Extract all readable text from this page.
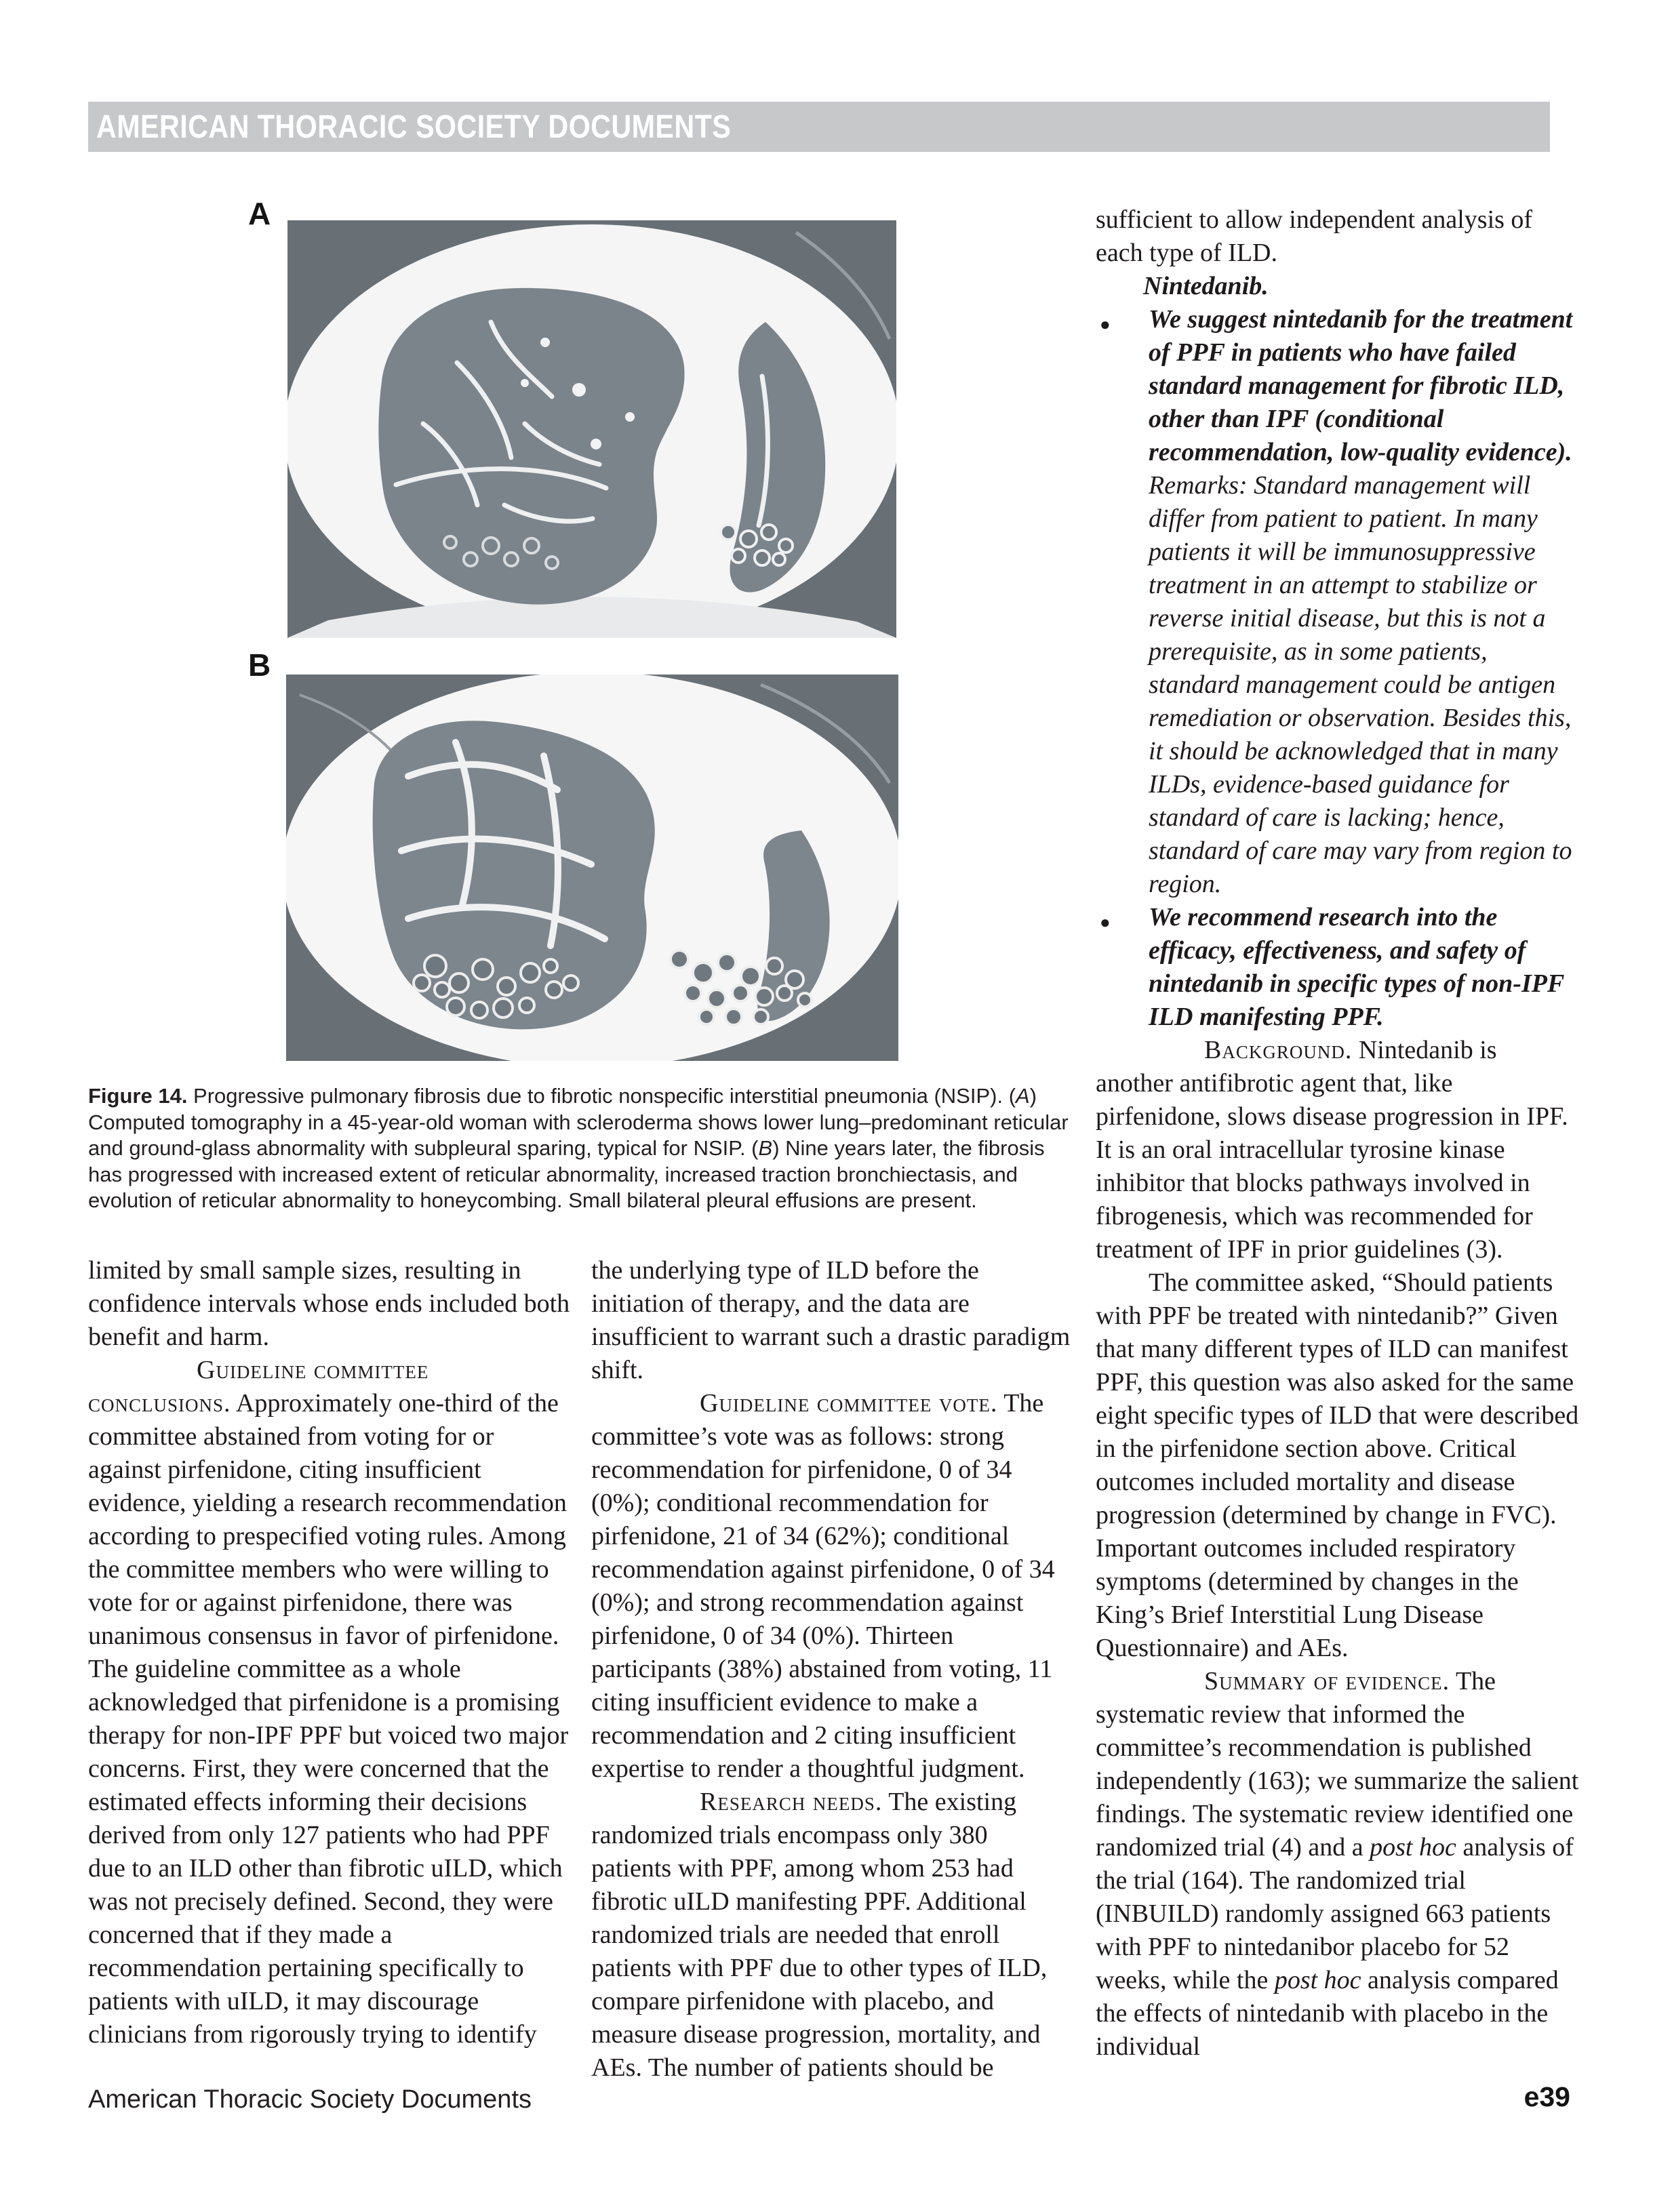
AMERICAN THORACIC SOCIETY DOCUMENTS
A
B
Figure 14. Progressive pulmonary fibrosis due to fibrotic nonspecific interstitial pneumonia (NSIP). (A) Computed tomography in a 45-year-old woman with scleroderma shows lower lung–predominant reticular and ground-glass abnormality with subpleural sparing, typical for NSIP. (B) Nine years later, the fibrosis has progressed with increased extent of reticular abnormality, increased traction bronchiectasis, and evolution of reticular abnormality to honeycombing. Small bilateral pleural effusions are present.

limited by small sample sizes, resulting in confidence intervals whose ends included both benefit and harm.

Guideline committee conclusions. Approximately one-third of the committee abstained from voting for or against pirfenidone, citing insufficient evidence, yielding a research recommendation according to prespecified voting rules. Among the committee members who were willing to vote for or against pirfenidone, there was unanimous consensus in favor of pirfenidone. The guideline committee as a whole acknowledged that pirfenidone is a promising therapy for non-IPF PPF but voiced two major concerns. First, they were concerned that the estimated effects informing their decisions derived from only 127 patients who had PPF due to an ILD other than fibrotic uILD, which was not precisely defined. Second, they were concerned that if they made a recommendation pertaining specifically to patients with uILD, it may discourage clinicians from rigorously trying to identify

the underlying type of ILD before the initiation of therapy, and the data are insufficient to warrant such a drastic paradigm shift.

Guideline committee vote. The committee’s vote was as follows: strong recommendation for pirfenidone, 0 of 34 (0%); conditional recommendation for pirfenidone, 21 of 34 (62%); conditional recommendation against pirfenidone, 0 of 34 (0%); and strong recommendation against pirfenidone, 0 of 34 (0%). Thirteen participants (38%) abstained from voting, 11 citing insufficient evidence to make a recommendation and 2 citing insufficient expertise to render a thoughtful judgment.

Research needs. The existing randomized trials encompass only 380 patients with PPF, among whom 253 had fibrotic uILD manifesting PPF. Additional randomized trials are needed that enroll patients with PPF due to other types of ILD, compare pirfenidone with placebo, and measure disease progression, mortality, and AEs. The number of patients should be

sufficient to allow independent analysis of each type of ILD.

Nintedanib.

● We suggest nintedanib for the treatment of PPF in patients who have failed standard management for fibrotic ILD, other than IPF (conditional recommendation, low-quality evidence). Remarks: Standard management will differ from patient to patient. In many patients it will be immunosuppressive treatment in an attempt to stabilize or reverse initial disease, but this is not a prerequisite, as in some patients, standard management could be antigen remediation or observation. Besides this, it should be acknowledged that in many ILDs, evidence-based guidance for standard of care is lacking; hence, standard of care may vary from region to region.
● We recommend research into the efficacy, effectiveness, and safety of nintedanib in specific types of non-IPF ILD manifesting PPF.

Background. Nintedanib is another antifibrotic agent that, like pirfenidone, slows disease progression in IPF. It is an oral intracellular tyrosine kinase inhibitor that blocks pathways involved in fibrogenesis, which was recommended for treatment of IPF in prior guidelines (3).

The committee asked, “Should patients with PPF be treated with nintedanib?” Given that many different types of ILD can manifest PPF, this question was also asked for the same eight specific types of ILD that were described in the pirfenidone section above. Critical outcomes included mortality and disease progression (determined by change in FVC). Important outcomes included respiratory symptoms (determined by changes in the King’s Brief Interstitial Lung Disease Questionnaire) and AEs.

Summary of evidence. The systematic review that informed the committee’s recommendation is published independently (163); we summarize the salient findings. The systematic review identified one randomized trial (4) and a post hoc analysis of the trial (164). The randomized trial (INBUILD) randomly assigned 663 patients with PPF to nintedanibor placebo for 52 weeks, while the post hoc analysis compared the effects of nintedanib with placebo in the individual

American Thoracic Society Documents	e39
